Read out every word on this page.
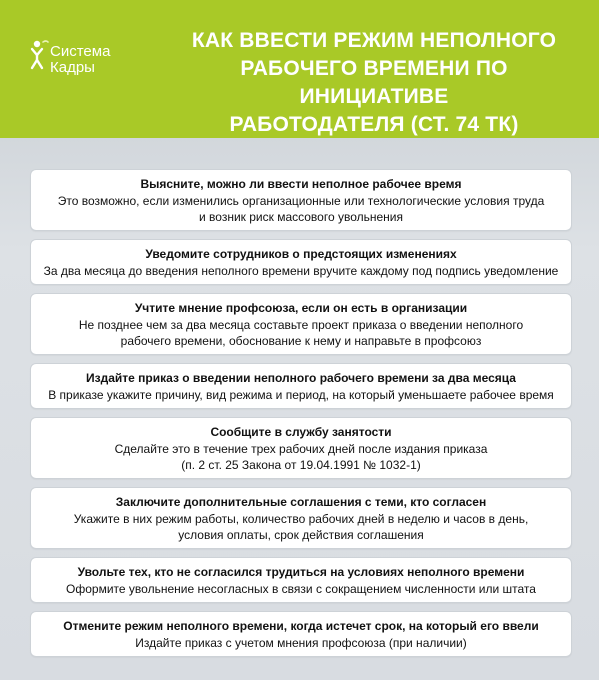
Система
Кадры
КАК ВВЕСТИ РЕЖИМ НЕПОЛНОГО
РАБОЧЕГО ВРЕМЕНИ ПО ИНИЦИАТИВЕ
РАБОТОДАТЕЛЯ (СТ. 74 ТК)
Выясните, можно ли ввести неполное рабочее время
Это возможно, если изменились организационные или технологические условия труда
и возник риск массового увольнения
Уведомите сотрудников о предстоящих изменениях
За два месяца до введения неполного времени вручите каждому под подпись уведомление
Учтите мнение профсоюза, если он есть в организации
Не позднее чем за два месяца составьте проект приказа о введении неполного
рабочего времени, обоснование к нему и направьте в профсоюз
Издайте приказ о введении неполного рабочего времени за два месяца
В приказе укажите причину, вид режима и период, на который уменьшаете рабочее время
Сообщите в службу занятости
Сделайте это в течение трех рабочих дней после издания приказа
(п. 2 ст. 25 Закона от 19.04.1991 № 1032-1)
Заключите дополнительные соглашения с теми, кто согласен
Укажите в них режим работы, количество рабочих дней в неделю и часов в день,
условия оплаты, срок действия соглашения
Увольте тех, кто не согласился трудиться на условиях неполного времени
Оформите увольнение несогласных в связи с сокращением численности или штата
Отмените режим неполного времени, когда истечет срок, на который его ввели
Издайте приказ с учетом мнения профсоюза (при наличии)
